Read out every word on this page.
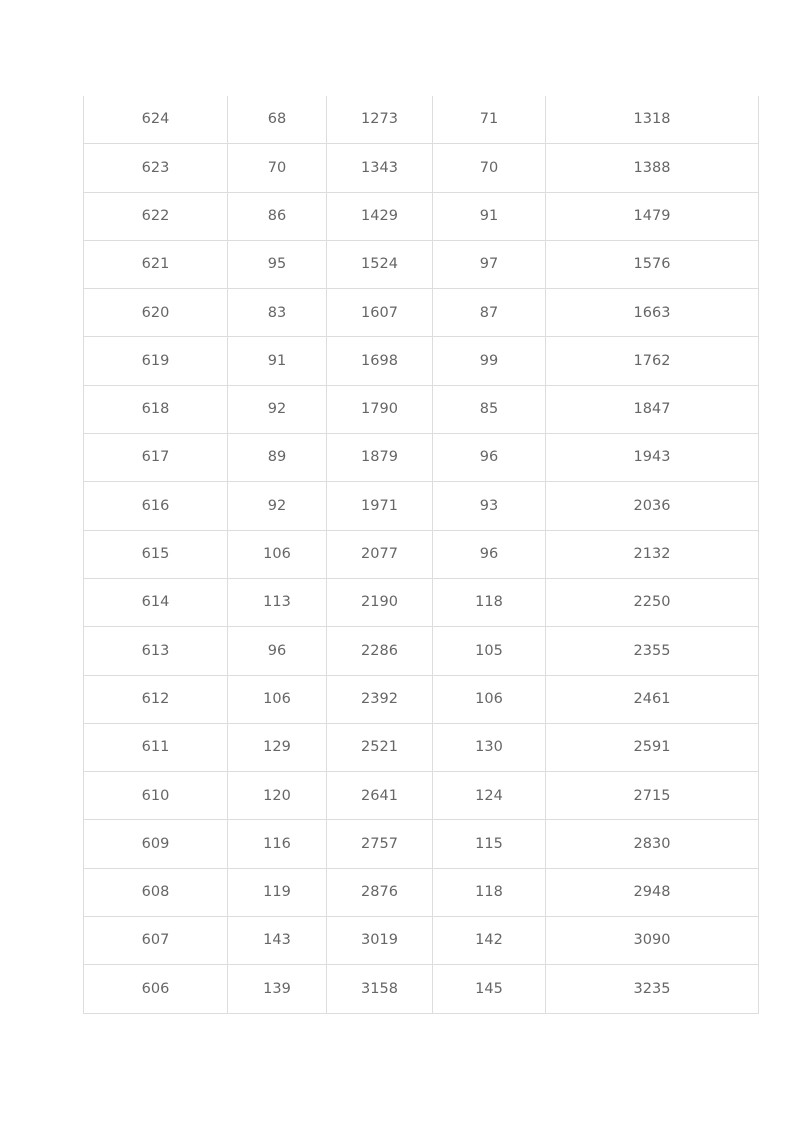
624	68	1273	71	1318
623	70	1343	70	1388
622	86	1429	91	1479
621	95	1524	97	1576
620	83	1607	87	1663
619	91	1698	99	1762
618	92	1790	85	1847
617	89	1879	96	1943
616	92	1971	93	2036
615	106	2077	96	2132
614	113	2190	118	2250
613	96	2286	105	2355
612	106	2392	106	2461
611	129	2521	130	2591
610	120	2641	124	2715
609	116	2757	115	2830
608	119	2876	118	2948
607	143	3019	142	3090
606	139	3158	145	3235
